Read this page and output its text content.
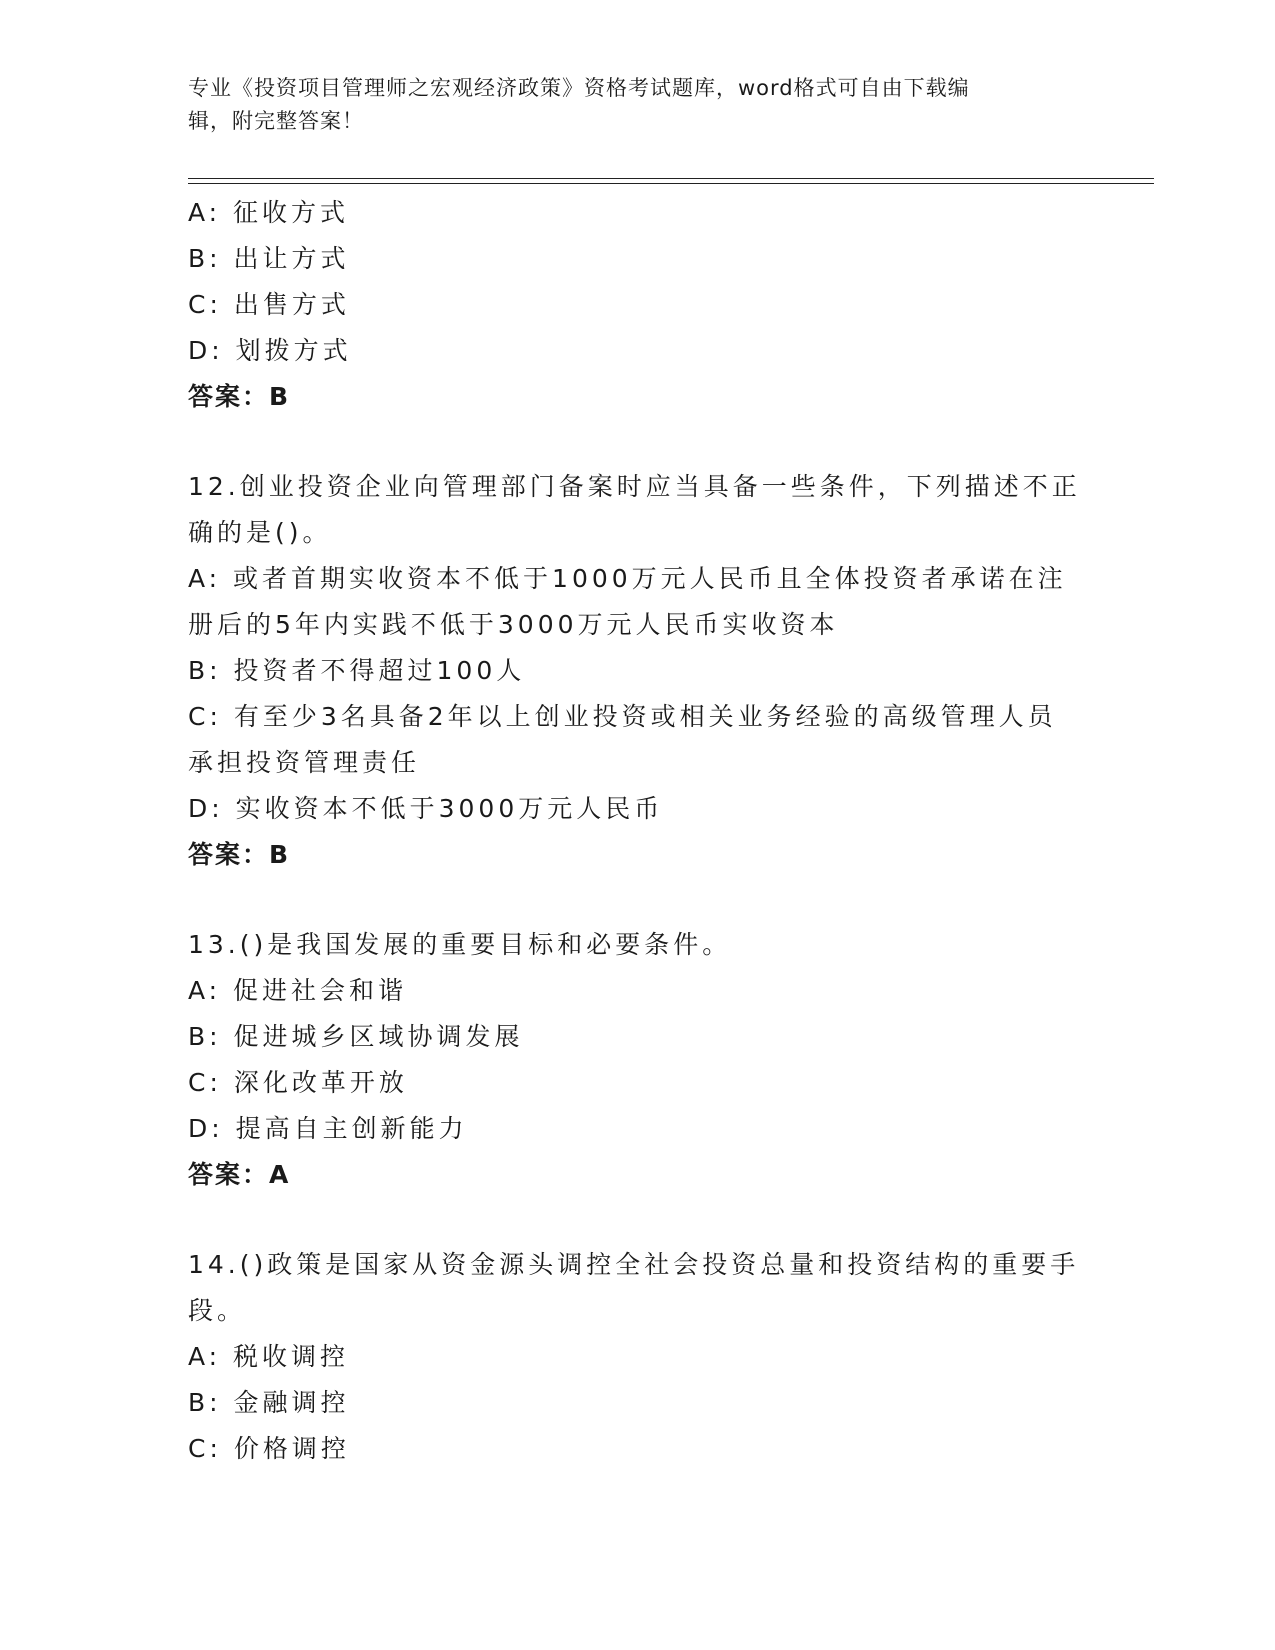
专业《投资项目管理师之宏观经济政策》资格考试题库，word格式可自由下载编
辑，附完整答案！
A: 征收方式
B: 出让方式
C: 出售方式
D: 划拨方式
答案：B
12.创业投资企业向管理部门备案时应当具备一些条件，下列描述不正
确的是()。
A: 或者首期实收资本不低于1000万元人民币且全体投资者承诺在注
册后的5年内实践不低于3000万元人民币实收资本
B: 投资者不得超过100人
C: 有至少3名具备2年以上创业投资或相关业务经验的高级管理人员
承担投资管理责任
D: 实收资本不低于3000万元人民币
答案：B
13.()是我国发展的重要目标和必要条件。
A: 促进社会和谐
B: 促进城乡区域协调发展
C: 深化改革开放
D: 提高自主创新能力
答案：A
14.()政策是国家从资金源头调控全社会投资总量和投资结构的重要手
段。
A: 税收调控
B: 金融调控
C: 价格调控
